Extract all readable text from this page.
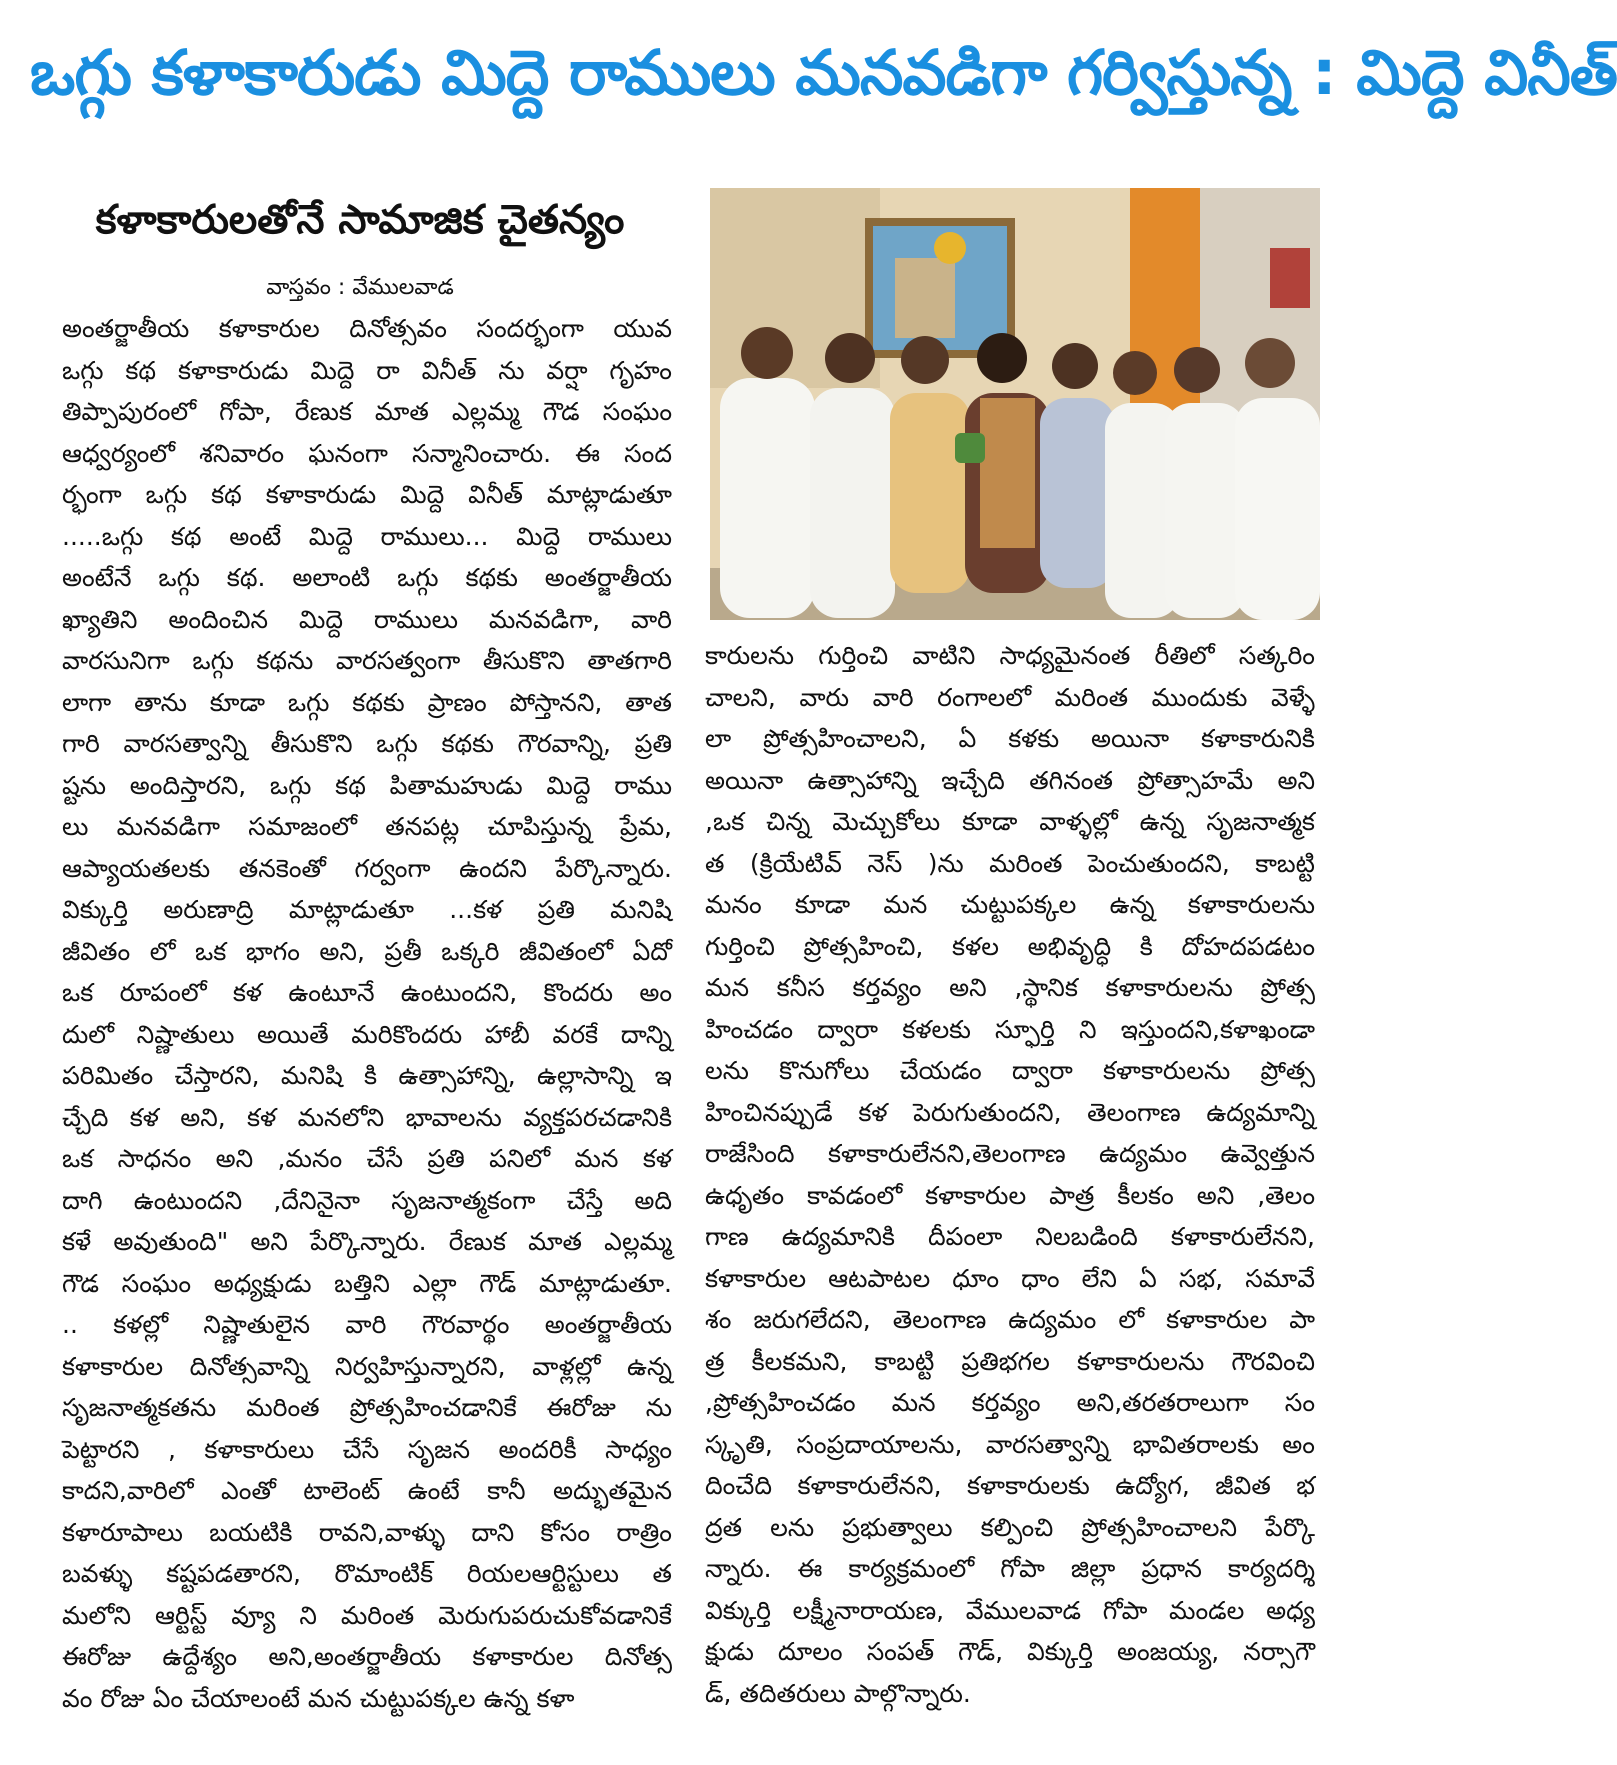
ఒగ్గు కళాకారుడు మిద్దె రాములు మనవడిగా గర్విస్తున్న : మిద్దె వినీత్
కళాకారులతోనే సామాజిక చైతన్యం
వాస్తవం : వేములవాడ
అంతర్జాతీయ కళాకారుల దినోత్సవం సందర్భంగా యువ
ఒగ్గు కథ కళాకారుడు మిద్దె రా వినీత్ ను వర్షా గృహం
తిప్పాపురంలో గోపా, రేణుక మాత ఎల్లమ్మ గౌడ సంఘం
ఆధ్వర్యంలో శనివారం ఘనంగా సన్మానించారు. ఈ సంద
ర్భంగా ఒగ్గు కథ కళాకారుడు మిద్దె వినీత్ మాట్లాడుతూ
.....ఒగ్గు కథ అంటే మిద్దె రాములు... మిద్దె రాములు
అంటేనే ఒగ్గు కథ. అలాంటి ఒగ్గు కథకు అంతర్జాతీయ
ఖ్యాతిని అందించిన మిద్దె రాములు మనవడిగా, వారి
వారసునిగా ఒగ్గు కథను వారసత్వంగా తీసుకొని తాతగారి
లాగా తాను కూడా ఒగ్గు కథకు ప్రాణం పోస్తానని, తాత
గారి వారసత్వాన్ని తీసుకొని ఒగ్గు కథకు గౌరవాన్ని, ప్రతి
ష్టను అందిస్తారని, ఒగ్గు కథ పితామహుడు మిద్దె రాము
లు మనవడిగా సమాజంలో తనపట్ల చూపిస్తున్న ప్రేమ,
ఆప్యాయతలకు తనకెంతో గర్వంగా ఉందని పేర్కొన్నారు.
విక్కుర్తి అరుణాద్రి మాట్లాడుతూ ...కళ ప్రతి మనిషి
జీవితం లో ఒక భాగం అని, ప్రతీ ఒక్కరి జీవితంలో ఏదో
ఒక రూపంలో కళ ఉంటూనే ఉంటుందని, కొందరు అం
దులో నిష్ణాతులు అయితే మరికొందరు హాబీ వరకే దాన్ని
పరిమితం చేస్తారని, మనిషి కి ఉత్సాహాన్ని, ఉల్లాసాన్ని ఇ
చ్చేది కళ అని, కళ మనలోని భావాలను వ్యక్తపరచడానికి
ఒక సాధనం అని ,మనం చేసే ప్రతి పనిలో మన కళ
దాగి ఉంటుందని ,దేనినైనా సృజనాత్మకంగా చేస్తే అది
కళే అవుతుంది" అని పేర్కొన్నారు. రేణుక మాత ఎల్లమ్మ
గౌడ సంఘం అధ్యక్షుడు బత్తిని ఎల్లా గౌడ్ మాట్లాడుతూ.
.. కళల్లో నిష్ణాతులైన వారి గౌరవార్థం అంతర్జాతీయ
కళాకారుల దినోత్సవాన్ని నిర్వహిస్తున్నారని, వాళ్లల్లో ఉన్న
సృజనాత్మకతను మరింత ప్రోత్సహించడానికే ఈరోజు ను
పెట్టారని , కళాకారులు చేసే సృజన అందరికీ సాధ్యం
కాదని,వారిలో ఎంతో టాలెంట్ ఉంటే కానీ అద్భుతమైన
కళారూపాలు బయటికి రావని,వాళ్ళు దాని కోసం రాత్రిం
బవళ్ళు కష్టపడతారని, రొమాంటిక్ రియలఆర్టిస్టులు త
మలోని ఆర్టిస్ట్ వ్యూ ని మరింత మెరుగుపరుచుకోవడానికే
ఈరోజు ఉద్దేశ్యం అని,అంతర్జాతీయ కళాకారుల దినోత్స
వం రోజు ఏం చేయాలంటే మన చుట్టుపక్కల ఉన్న కళా
కారులను గుర్తించి వాటిని సాధ్యమైనంత రీతిలో సత్కరిం
చాలని, వారు వారి రంగాలలో మరింత ముందుకు వెళ్ళే
లా ప్రోత్సహించాలని, ఏ కళకు అయినా కళాకారునికి
అయినా ఉత్సాహాన్ని ఇచ్చేది తగినంత ప్రోత్సాహమే అని
,ఒక చిన్న మెచ్చుకోలు కూడా వాళ్ళల్లో ఉన్న సృజనాత్మక
త (క్రియేటివ్ నెస్ )ను మరింత పెంచుతుందని, కాబట్టి
మనం కూడా మన చుట్టుపక్కల ఉన్న కళాకారులను
గుర్తించి ప్రోత్సహించి, కళల అభివృద్ధి కి దోహదపడటం
మన కనీస కర్తవ్యం అని ,స్థానిక కళాకారులను ప్రోత్స
హించడం ద్వారా కళలకు స్ఫూర్తి ని ఇస్తుందని,కళాఖండా
లను కొనుగోలు చేయడం ద్వారా కళాకారులను ప్రోత్స
హించినప్పుడే కళ పెరుగుతుందని, తెలంగాణ ఉద్యమాన్ని
రాజేసింది కళాకారులేనని,తెలంగాణ ఉద్యమం ఉవ్వెత్తున
ఉధృతం కావడంలో కళాకారుల పాత్ర కీలకం అని ,తెలం
గాణ ఉద్యమానికి దీపంలా నిలబడింది కళాకారులేనని,
కళాకారుల ఆటపాటల ధూం ధాం లేని ఏ సభ, సమావే
శం జరుగలేదని, తెలంగాణ ఉద్యమం లో కళాకారుల పా
త్ర కీలకమని, కాబట్టి ప్రతిభగల కళాకారులను గౌరవించి
,ప్రోత్సహించడం మన కర్తవ్యం అని,తరతరాలుగా సం
స్కృతి, సంప్రదాయాలను, వారసత్వాన్ని భావితరాలకు అం
దించేది కళాకారులేనని, కళాకారులకు ఉద్యోగ, జీవిత భ
ద్రత లను ప్రభుత్వాలు కల్పించి ప్రోత్సహించాలని పేర్కొ
న్నారు. ఈ కార్యక్రమంలో గోపా జిల్లా ప్రధాన కార్యదర్శి
విక్కుర్తి లక్ష్మీనారాయణ, వేములవాడ గోపా మండల అధ్య
క్షుడు దూలం సంపత్ గౌడ్, విక్కుర్తి అంజయ్య, నర్సాగౌ
డ్, తదితరులు పాల్గొన్నారు.
